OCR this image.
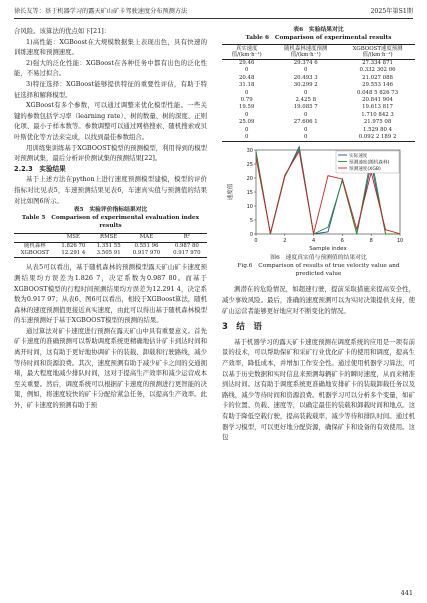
徐长友等：基于机器学习的露天矿山矿卡驾驶速度分布预测方法	2025年第S1期

合风险。该算法的优点如下[21]：

1)高性能：XGBoost在大规模数据集上表现出色，具有快速的训练速度和预测速度。

2)强大的泛化性能：XGBoost在各种任务中都有出色的泛化性能，不易过拟合。

3)特征选择：XGBoost能够提供特征的重要性评估，有助于特征选择和解释模型。

XGBoost有多个参数，可以通过调整来优化模型性能。一些关键的参数包括学习率（learning rate）、树的数量、树的深度、正则化项、最小子样本数等。参数调整可以通过网格搜索、随机搜索或贝叶斯优化等方法来完成，以找到最佳参数组合。

用训练集训练基于XGBOOST模型的预测模型，利用得到的模型对预测试集，最后分析评价测试集的预测结果[22]。

2.2.3　实验结果

基于上述方法在python上进行速度预测模型建模，模型的评价指标对比见表5，车速预测结果见表6，车速真实值与预测值的结果对比如图6所示。

表5　实验评价指标结果对比
Table 5　Comparison of experimental evaluation index results
	MSE	RMSE	MAE	R²
随机森林	1.826 70	1.351 55	0.551 96	0.987 80
XGBOOST	12.291 4	3.505 91	0.917 970	0.917 970

从表5可以看出，基于随机森林的预测模型露天矿山矿卡速度预测结果均方误差为1.826 7，决定系数为0.987 80。而基于XGBOOST模型的行程时间预测结果均方误差为12.291 4，决定系数为0.917 97；从表6、图6可以看出，相较于XGBoost算法，随机森林的速度预测值更接近真实速度，由此可以得出基于随机森林模型的车速预测好于基于XGBOOST模型的预测的结果。

通过算法对矿卡速度进行预测在露天矿山中具有重要意义。首先矿卡速度的准确预测可以帮助调度系统更精确地估计矿卡到达时间和离开时间，这有助于更好地协调矿卡的装载、卸载和行驶路线，减少等待时间和资源浪费。其次，速度预测有助于减少矿卡之间的交通拥堵，最大程度地减少排队时间，这对于提高生产效率和减少运营成本至关重要。然后，调度系统可以根据矿卡速度的预测进行更智能的决策，例如，将速度较快的矿卡分配给紧急任务，以提高生产效率。此外，矿卡速度的预测有助于预

表6　实验结果对比
Table 6　Comparison of experimental results
真实速度值/(km·h⁻¹)	随机森林速度预测值/(km·h⁻¹)	XGBOOST速度预测值/(km·h⁻¹)
29.46	29.374 6	27.334 871
0	0	0.332 302 06
20.48	20.493 3	21.027 088
31.18	30.299 2	29.553 146
0	0	0.048 5 826 73
0.79	2.425 8	20.841 904
19.59	19.085 7	19.613 817
0	0	1.710 842 3
25.09	27.606 1	21.975 08
0	0	1.529 80 4
0	0	0.092 2 189 2
0
5
10
15
20
25
30
0	2	4	6	8	10
Sample index
速度值
实际速度
预测速度(随机森林)
预测速度(XGB)
图6　速度真实值与预测值的结果对比
Fig.6　Comparison of results of true velocity value and
predicted value

测潜在的危险情况，如超速行驶，提前采取措施来提高安全性，减少事故风险。最后，准确的速度预测可以为实时决策提供支持，使矿山运营者能够更好地应对不断变化的情况。

3  结　语

基于机器学习的露天矿卡速度预测在调度系统的应用是一项有前景的技术，可以帮助保矿和采矿行业优化矿卡的使用和调度，提高生产效率，降低成本，并增加工作安全性。通过使用机器学习算法，可以基于历史数据和实时信息来预测每辆矿卡的瞬时速度，从而来精准到达时间。这有助于调度系统更准确地安排矿卡的装载卸载任务以及路线，减少等待时间和资源浪费。机器学习可以分析多个变量，如矿卡的位置、负载、速度等，以确定最佳的装载和卸载时间和地点。这有助于降低空载行驶，提高装载载率，减少等待和排队时间。通过机器学习模型，可以更好地分配资源，确保矿卡和设备的有效使用。这包

441
